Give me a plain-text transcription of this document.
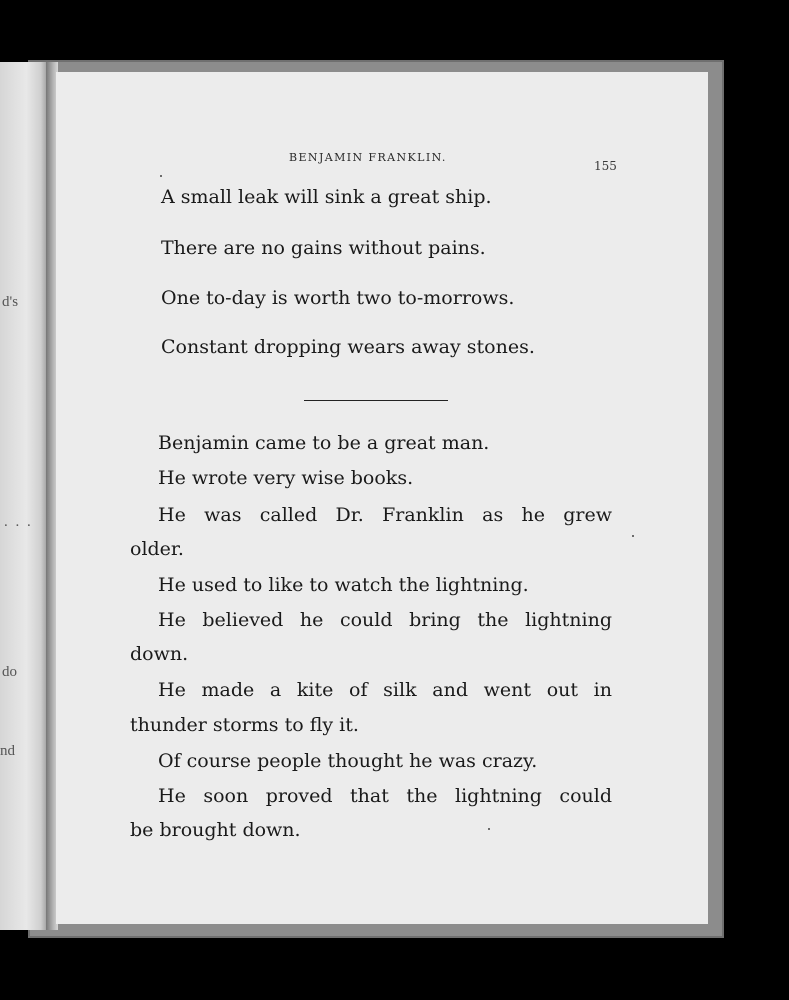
d's
. . .
do
nd
BENJAMIN FRANKLIN.
155
A small leak will sink a great ship.
There are no gains without pains.
One to-day is worth two to-morrows.
Constant dropping wears away stones.
Benjamin came to be a great man.
He wrote very wise books.
He was called Dr. Franklin as he grew
older.
He used to like to watch the lightning.
He believed he could bring the lightning
down.
He made a kite of silk and went out in
thunder storms to fly it.
Of course people thought he was crazy.
He soon proved that the lightning could
be brought down.
